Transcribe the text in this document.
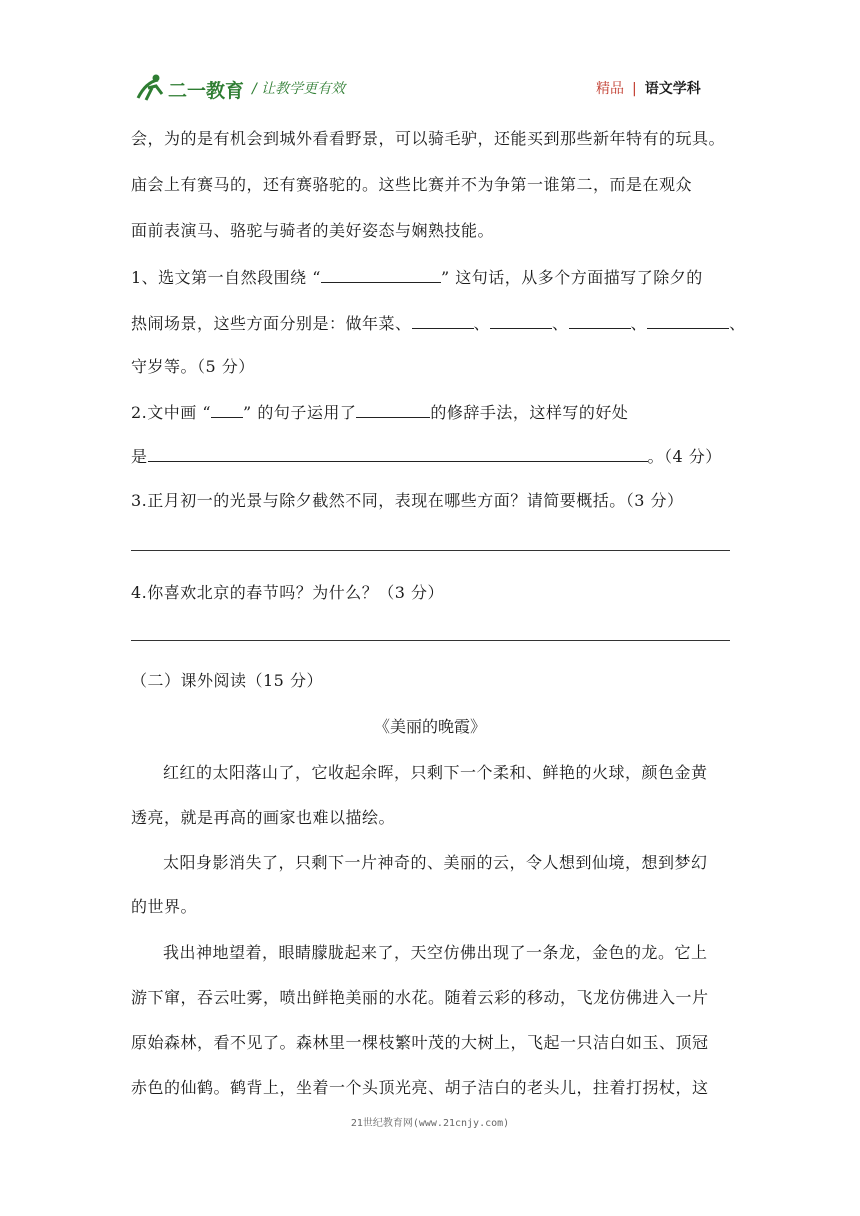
二一教育 / 让教学更有效	精品 | 语文学科
会，为的是有机会到城外看看野景，可以骑毛驴，还能买到那些新年特有的玩具。
庙会上有赛马的，还有赛骆驼的。这些比赛并不为争第一谁第二，而是在观众
面前表演马、骆驼与骑者的美好姿态与娴熟技能。
1、选文第一自然段围绕 “	” 这句话，从多个方面描写了除夕的
热闹场景，这些方面分别是：做年菜、	、	、	、	、
守岁等。（5 分）
2.文中画 “ ” 的句子运用了	的修辞手法，这样写的好处
是	。（4 分）
3.正月初一的光景与除夕截然不同，表现在哪些方面？请简要概括。（3 分）
4.你喜欢北京的春节吗？为什么？（3 分）
（二）课外阅读（15 分）
《美丽的晚霞》
红红的太阳落山了，它收起余晖，只剩下一个柔和、鲜艳的火球，颜色金黄
透亮，就是再高的画家也难以描绘。
太阳身影消失了，只剩下一片神奇的、美丽的云，令人想到仙境，想到梦幻
的世界。
我出神地望着，眼睛朦胧起来了，天空仿佛出现了一条龙，金色的龙。它上
游下窜，吞云吐雾，喷出鲜艳美丽的水花。随着云彩的移动，飞龙仿佛进入一片
原始森林，看不见了。森林里一棵枝繁叶茂的大树上，飞起一只洁白如玉、顶冠
赤色的仙鹤。鹤背上，坐着一个头顶光亮、胡子洁白的老头儿，拄着打拐杖，这
21世纪教育网(www.21cnjy.com)
